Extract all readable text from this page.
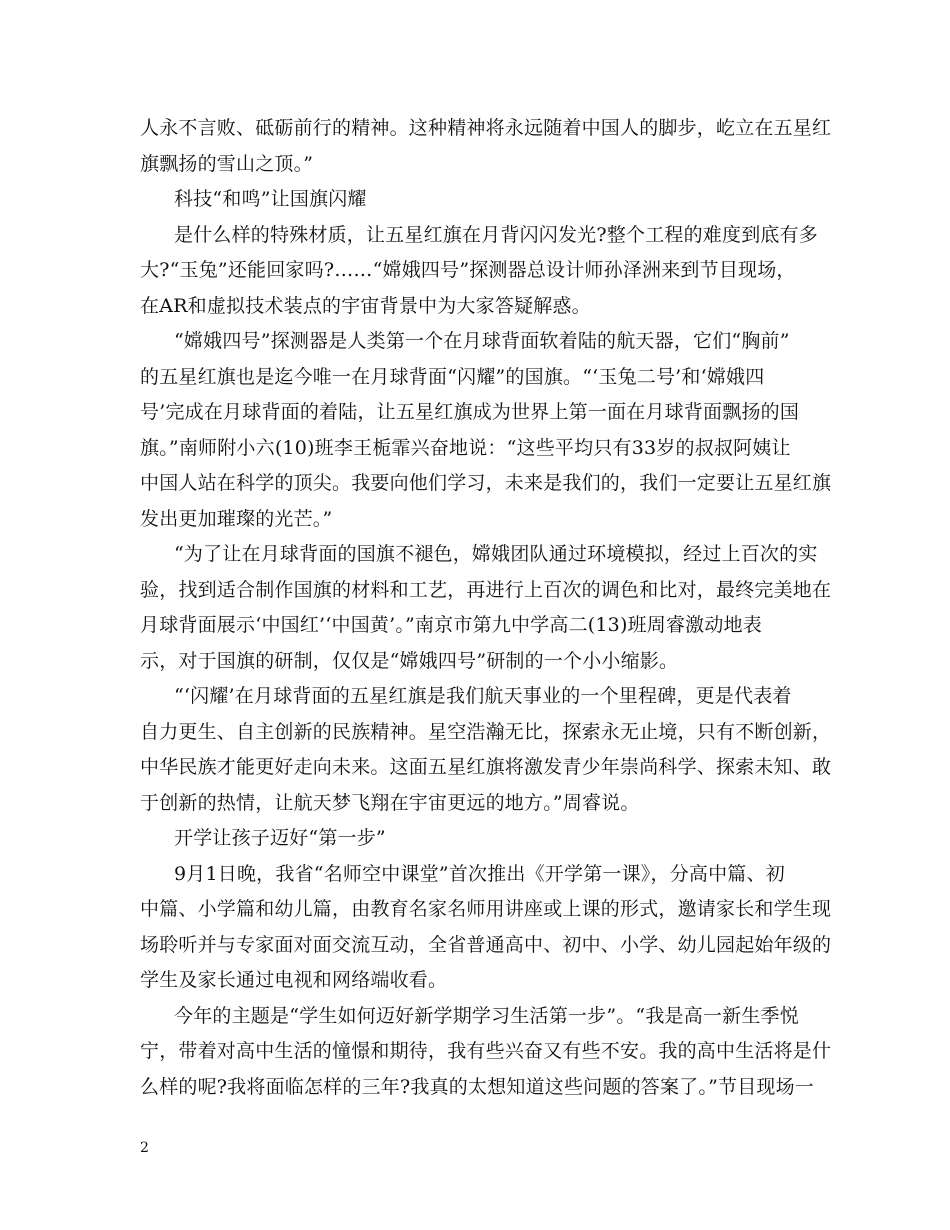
人永不言败、砥砺前行的精神。这种精神将永远随着中国人的脚步，屹立在五星红
旗飘扬的雪山之顶。”
科技“和鸣”让国旗闪耀
是什么样的特殊材质，让五星红旗在月背闪闪发光?整个工程的难度到底有多
大?“玉兔”还能回家吗?……“嫦娥四号”探测器总设计师孙泽洲来到节目现场，
在AR和虚拟技术装点的宇宙背景中为大家答疑解惑。
“嫦娥四号”探测器是人类第一个在月球背面软着陆的航天器，它们“胸前”
的五星红旗也是迄今唯一在月球背面“闪耀”的国旗。“‘玉兔二号’和‘嫦娥四
号’完成在月球背面的着陆，让五星红旗成为世界上第一面在月球背面飘扬的国
旗。”南师附小六(10)班李王栀霏兴奋地说：“这些平均只有33岁的叔叔阿姨让
中国人站在科学的顶尖。我要向他们学习，未来是我们的，我们一定要让五星红旗
发出更加璀璨的光芒。”
“为了让在月球背面的国旗不褪色，嫦娥团队通过环境模拟，经过上百次的实
验，找到适合制作国旗的材料和工艺，再进行上百次的调色和比对，最终完美地在
月球背面展示‘中国红’‘中国黄’。”南京市第九中学高二(13)班周睿激动地表
示，对于国旗的研制，仅仅是“嫦娥四号”研制的一个小小缩影。
“‘闪耀’在月球背面的五星红旗是我们航天事业的一个里程碑，更是代表着
自力更生、自主创新的民族精神。星空浩瀚无比，探索永无止境，只有不断创新，
中华民族才能更好走向未来。这面五星红旗将激发青少年崇尚科学、探索未知、敢
于创新的热情，让航天梦飞翔在宇宙更远的地方。”周睿说。
开学让孩子迈好“第一步”
9月1日晚，我省“名师空中课堂”首次推出《开学第一课》，分高中篇、初
中篇、小学篇和幼儿篇，由教育名家名师用讲座或上课的形式，邀请家长和学生现
场聆听并与专家面对面交流互动，全省普通高中、初中、小学、幼儿园起始年级的
学生及家长通过电视和网络端收看。
今年的主题是“学生如何迈好新学期学习生活第一步”。“我是高一新生季悦
宁，带着对高中生活的憧憬和期待，我有些兴奋又有些不安。我的高中生活将是什
么样的呢?我将面临怎样的三年?我真的太想知道这些问题的答案了。”节目现场一
2
